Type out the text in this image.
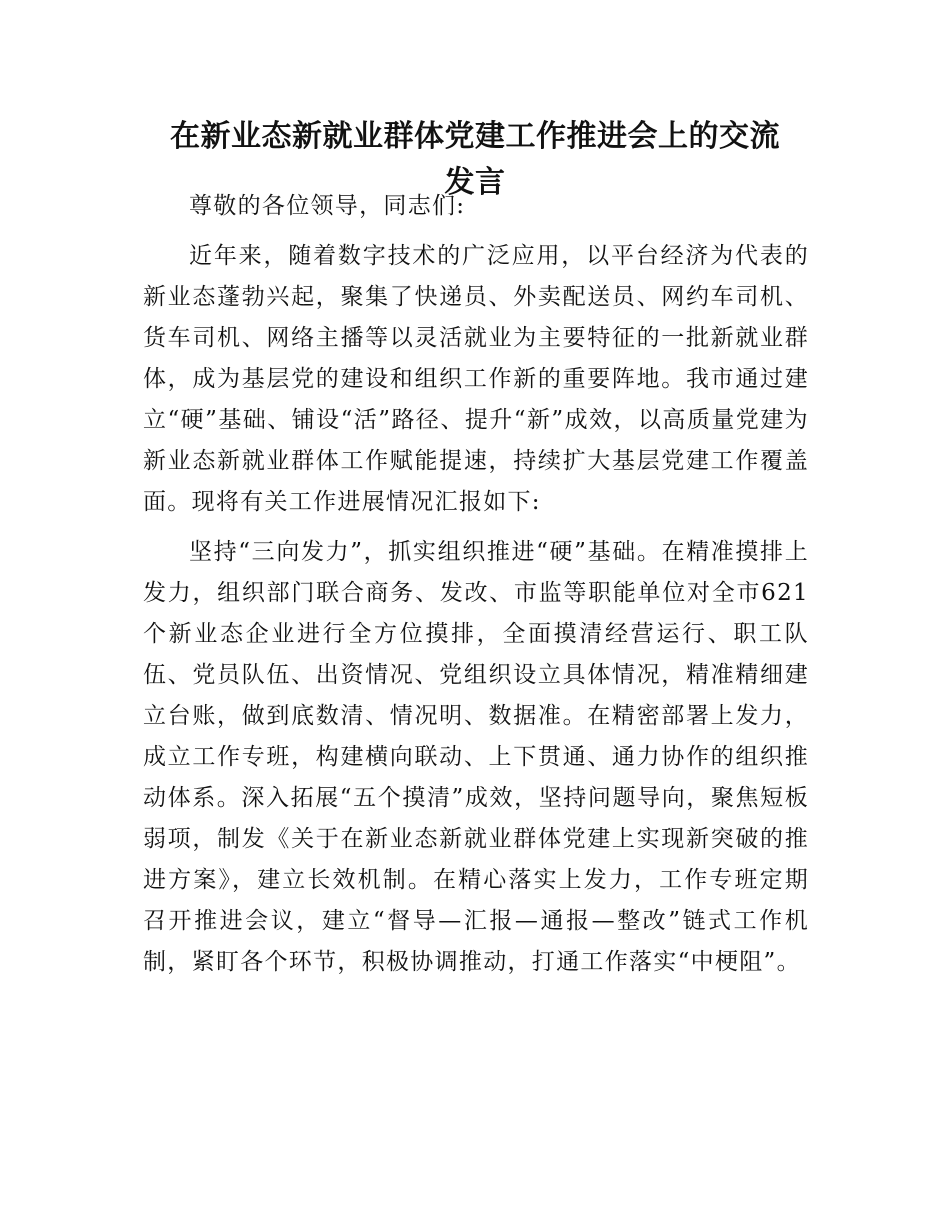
在新业态新就业群体党建工作推进会上的交流
发言

尊敬的各位领导，同志们:

近年来，随着数字技术的广泛应用，以平台经济为代表的新业态蓬勃兴起，聚集了快递员、外卖配送员、网约车司机、货车司机、网络主播等以灵活就业为主要特征的一批新就业群体，成为基层党的建设和组织工作新的重要阵地。我市通过建立“硬”基础、铺设“活”路径、提升“新”成效，以高质量党建为新业态新就业群体工作赋能提速，持续扩大基层党建工作覆盖面。现将有关工作进展情况汇报如下:

坚持“三向发力”，抓实组织推进“硬”基础。在精准摸排上发力，组织部门联合商务、发改、市监等职能单位对全市621个新业态企业进行全方位摸排，全面摸清经营运行、职工队伍、党员队伍、出资情况、党组织设立具体情况，精准精细建立台账，做到底数清、情况明、数据准。在精密部署上发力，成立工作专班，构建横向联动、上下贯通、通力协作的组织推动体系。深入拓展“五个摸清”成效，坚持问题导向，聚焦短板弱项，制发《关于在新业态新就业群体党建上实现新突破的推进方案》，建立长效机制。在精心落实上发力，工作专班定期召开推进会议，建立“督导—汇报—通报—整改”链式工作机制，紧盯各个环节，积极协调推动，打通工作落实“中梗阻”。
